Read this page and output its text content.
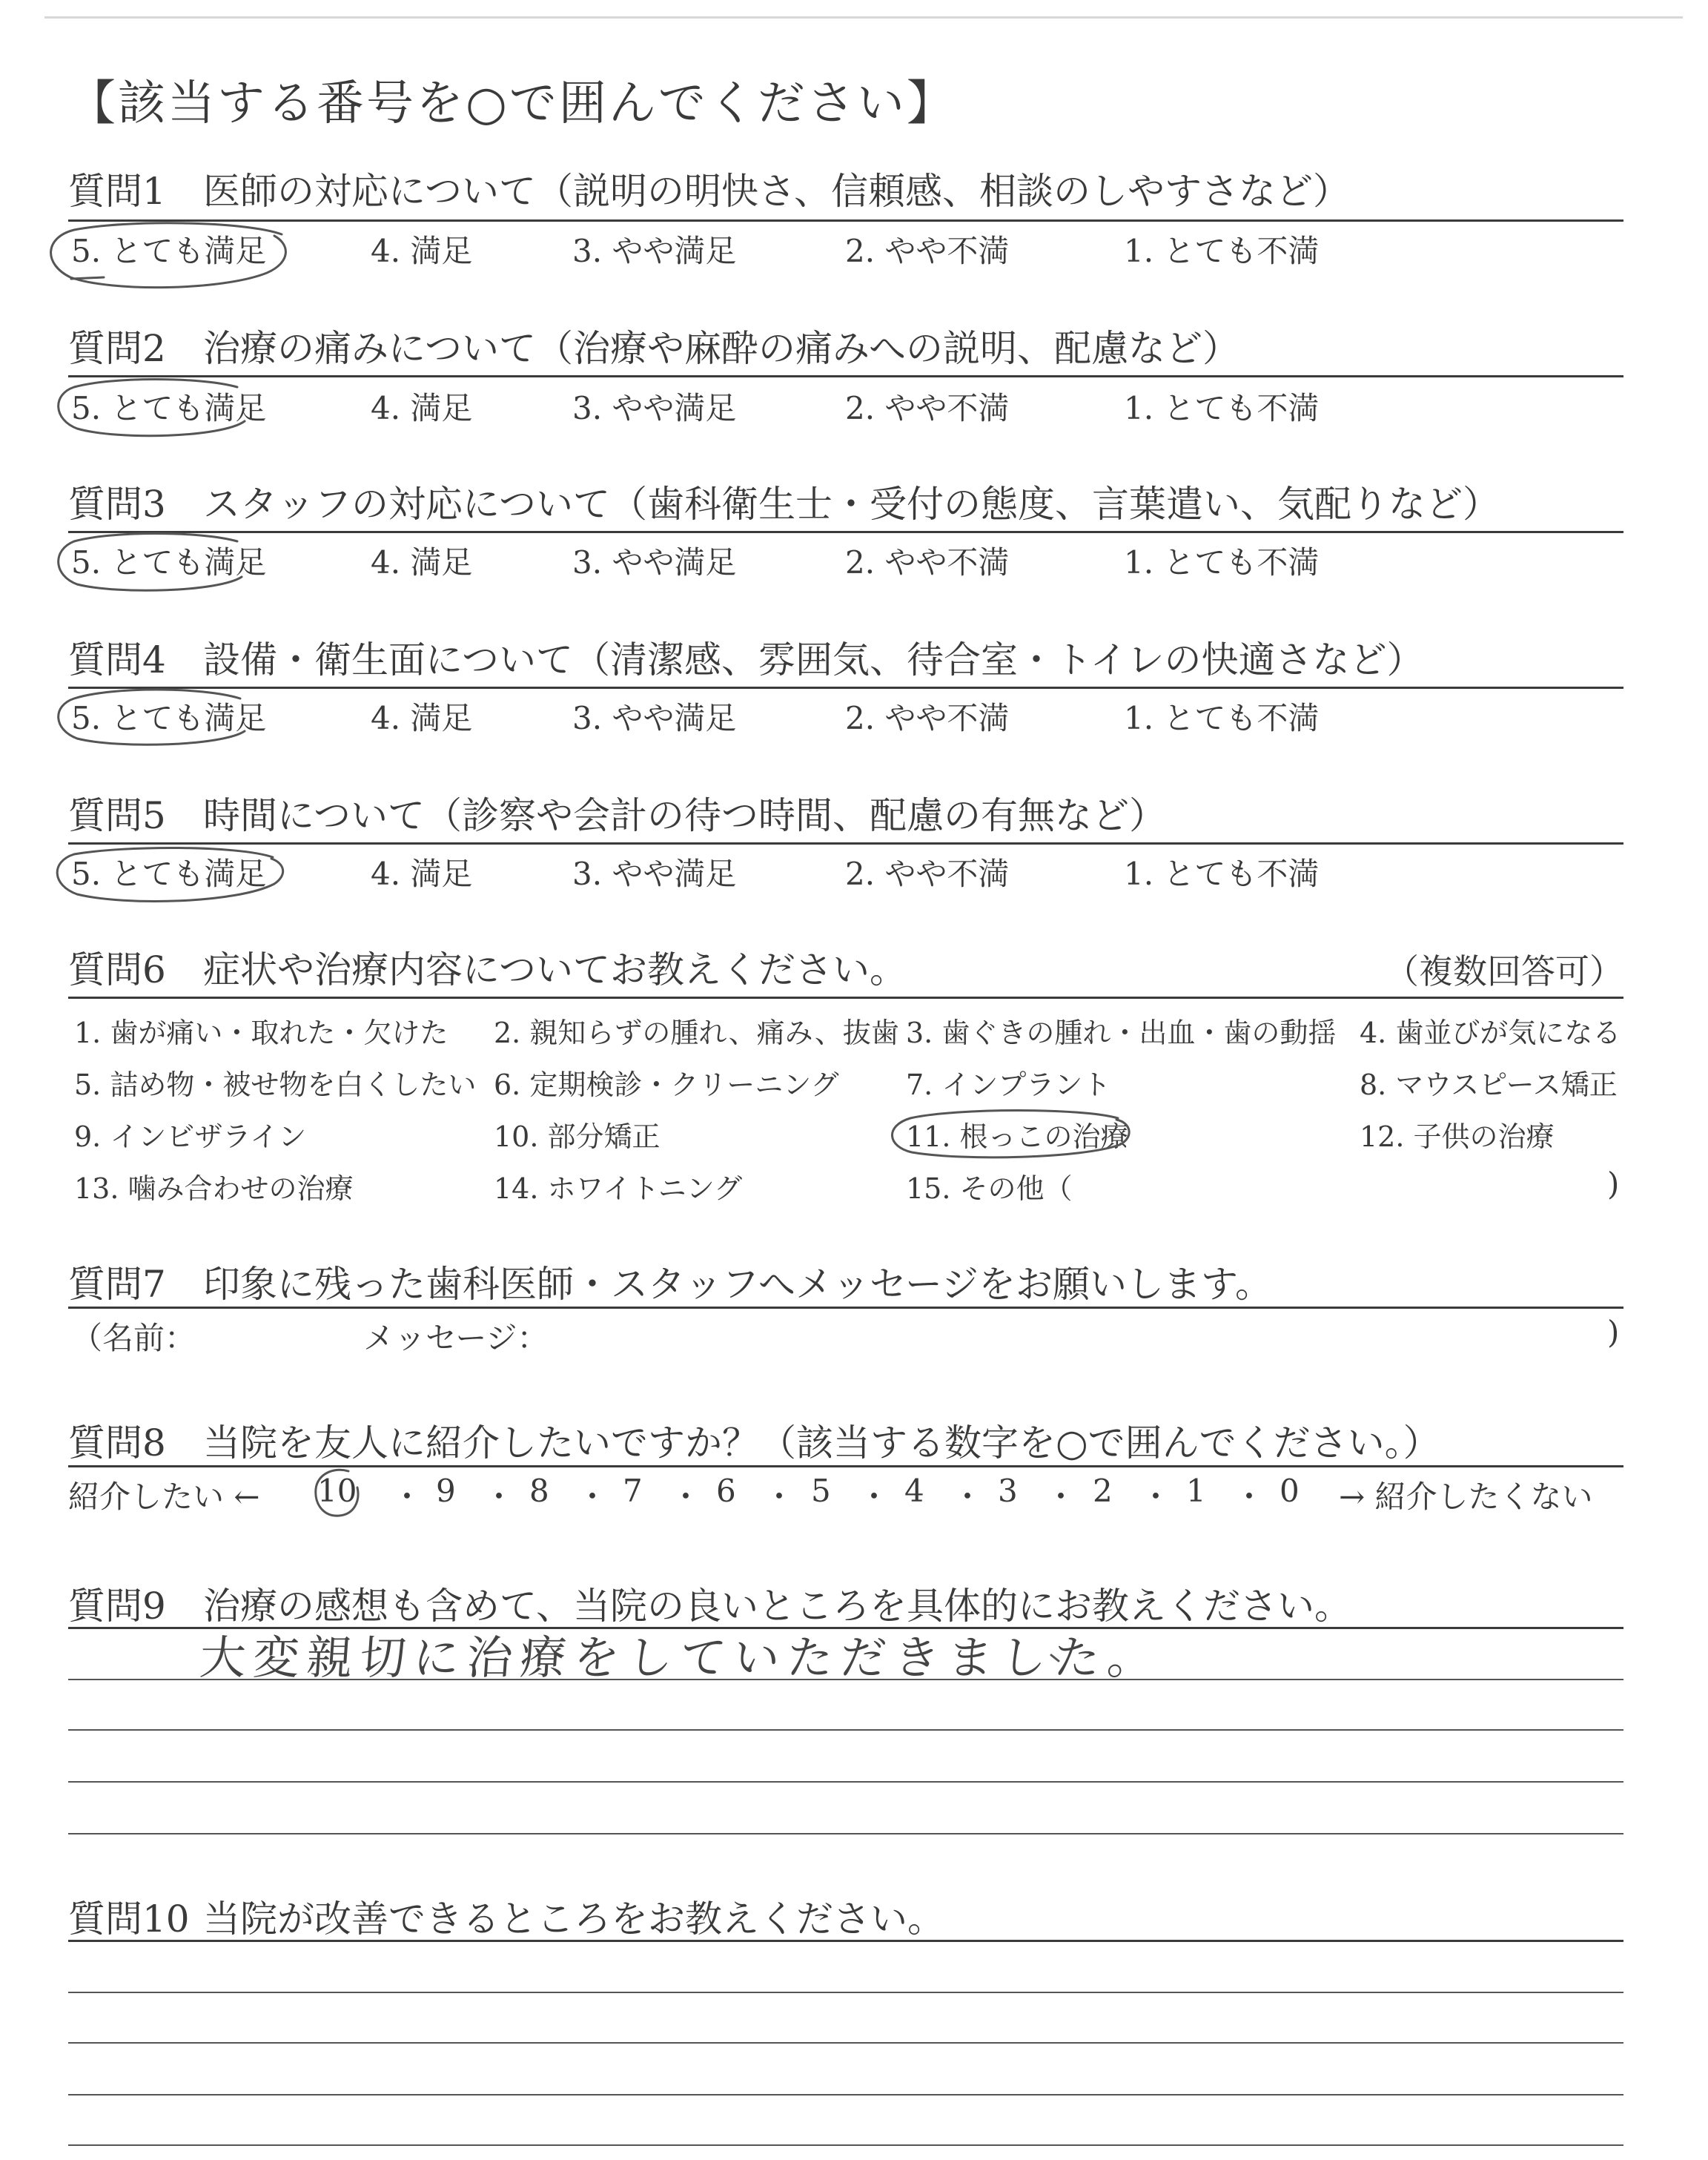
【該当する番号を○で囲んでください】
質問1 医師の対応について（説明の明快さ、信頼感、相談のしやすさなど）
5. とても満足	4. 満足	3. やや満足	2. やや不満	1. とても不満
質問2 治療の痛みについて（治療や麻酔の痛みへの説明、配慮など）
5. とても満足	4. 満足	3. やや満足	2. やや不満	1. とても不満
質問3 スタッフの対応について（歯科衛生士・受付の態度、言葉遣い、気配りなど）
5. とても満足	4. 満足	3. やや満足	2. やや不満	1. とても不満
質問4 設備・衛生面について（清潔感、雰囲気、待合室・トイレの快適さなど）
5. とても満足	4. 満足	3. やや満足	2. やや不満	1. とても不満
質問5 時間について（診察や会計の待つ時間、配慮の有無など）
5. とても満足	4. 満足	3. やや満足	2. やや不満	1. とても不満
質問6 症状や治療内容についてお教えください。	（複数回答可）
1. 歯が痛い・取れた・欠けた 2. 親知らずの腫れ、痛み、抜歯 3. 歯ぐきの腫れ・出血・歯の動揺 4. 歯並びが気になる
5. 詰め物・被せ物を白くしたい 6. 定期検診・クリーニング 7. インプラント	8. マウスピース矯正
9. インビザライン	10. 部分矯正	11. 根っこの治療	12. 子供の治療
13. 噛み合わせの治療	14. ホワイトニング	15. その他（	)
質問7 印象に残った歯科医師・スタッフへメッセージをお願いします。
（名前：	メッセージ：	)
質問8 当院を友人に紹介したいですか？（該当する数字を○で囲んでください。）
紹介したい ← 10 ・ 9 ・ 8 ・ 7 ・ 6 ・ 5 ・ 4 ・ 3 ・ 2 ・ 1 ・ 0 → 紹介したくない
質問9 治療の感想も含めて、当院の良いところを具体的にお教えください。
大変親切に治療をしていただきました。
質問10 当院が改善できるところをお教えください。
